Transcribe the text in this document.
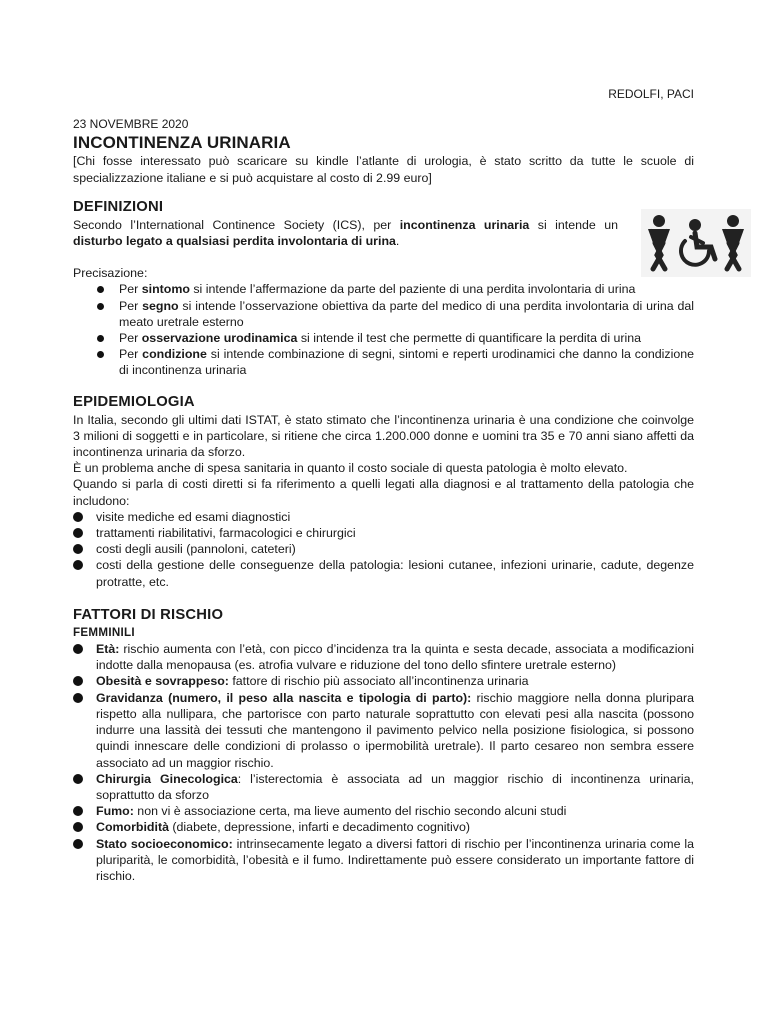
REDOLFI, PACI
23 NOVEMBRE 2020
INCONTINENZA URINARIA

[Chi fosse interessato può scaricare su kindle l’atlante di urologia, è stato scritto da tutte le scuole di specializzazione italiane e si può acquistare al costo di 2.99 euro]

DEFINIZIONI

Secondo l’International Continence Society (ICS), per incontinenza urinaria si intende un disturbo legato a qualsiasi perdita involontaria di urina.

Precisazione:

Per sintomo si intende l’affermazione da parte del paziente di una perdita involontaria di urina
Per segno si intende l’osservazione obiettiva da parte del medico di una perdita involontaria di urina dal meato uretrale esterno
Per osservazione urodinamica si intende il test che permette di quantificare la perdita di urina
Per condizione si intende combinazione di segni, sintomi e reperti urodinamici che danno la condizione di incontinenza urinaria
EPIDEMIOLOGIA

In Italia, secondo gli ultimi dati ISTAT, è stato stimato che l’incontinenza urinaria è una condizione che coinvolge 3 milioni di soggetti e in particolare, si ritiene che circa 1.200.000 donne e uomini tra 35 e 70 anni siano affetti da incontinenza urinaria da sforzo.

È un problema anche di spesa sanitaria in quanto il costo sociale di questa patologia è molto elevato.

Quando si parla di costi diretti si fa riferimento a quelli legati alla diagnosi e al trattamento della patologia che includono:

visite mediche ed esami diagnostici
trattamenti riabilitativi, farmacologici e chirurgici
costi degli ausili (pannoloni, cateteri)
costi della gestione delle conseguenze della patologia: lesioni cutanee, infezioni urinarie, cadute, degenze protratte, etc.
FATTORI DI RISCHIO
FEMMINILI
Età: rischio aumenta con l’età, con picco d’incidenza tra la quinta e sesta decade, associata a modificazioni indotte dalla menopausa (es. atrofia vulvare e riduzione del tono dello sfintere uretrale esterno)
Obesità e sovrappeso: fattore di rischio più associato all’incontinenza urinaria
Gravidanza (numero, il peso alla nascita e tipologia di parto): rischio maggiore nella donna pluripara rispetto alla nullipara, che partorisce con parto naturale soprattutto con elevati pesi alla nascita (possono indurre una lassità dei tessuti che mantengono il pavimento pelvico nella posizione fisiologica, si possono quindi innescare delle condizioni di prolasso o ipermobilità uretrale). Il parto cesareo non sembra essere associato ad un maggior rischio.
Chirurgia Ginecologica: l’isterectomia è associata ad un maggior rischio di incontinenza urinaria, soprattutto da sforzo
Fumo: non vi è associazione certa, ma lieve aumento del rischio secondo alcuni studi
Comorbidità (diabete, depressione, infarti e decadimento cognitivo)
Stato socioeconomico: intrinsecamente legato a diversi fattori di rischio per l’incontinenza urinaria come la pluriparità, le comorbidità, l’obesità e il fumo. Indirettamente può essere considerato un importante fattore di rischio.
